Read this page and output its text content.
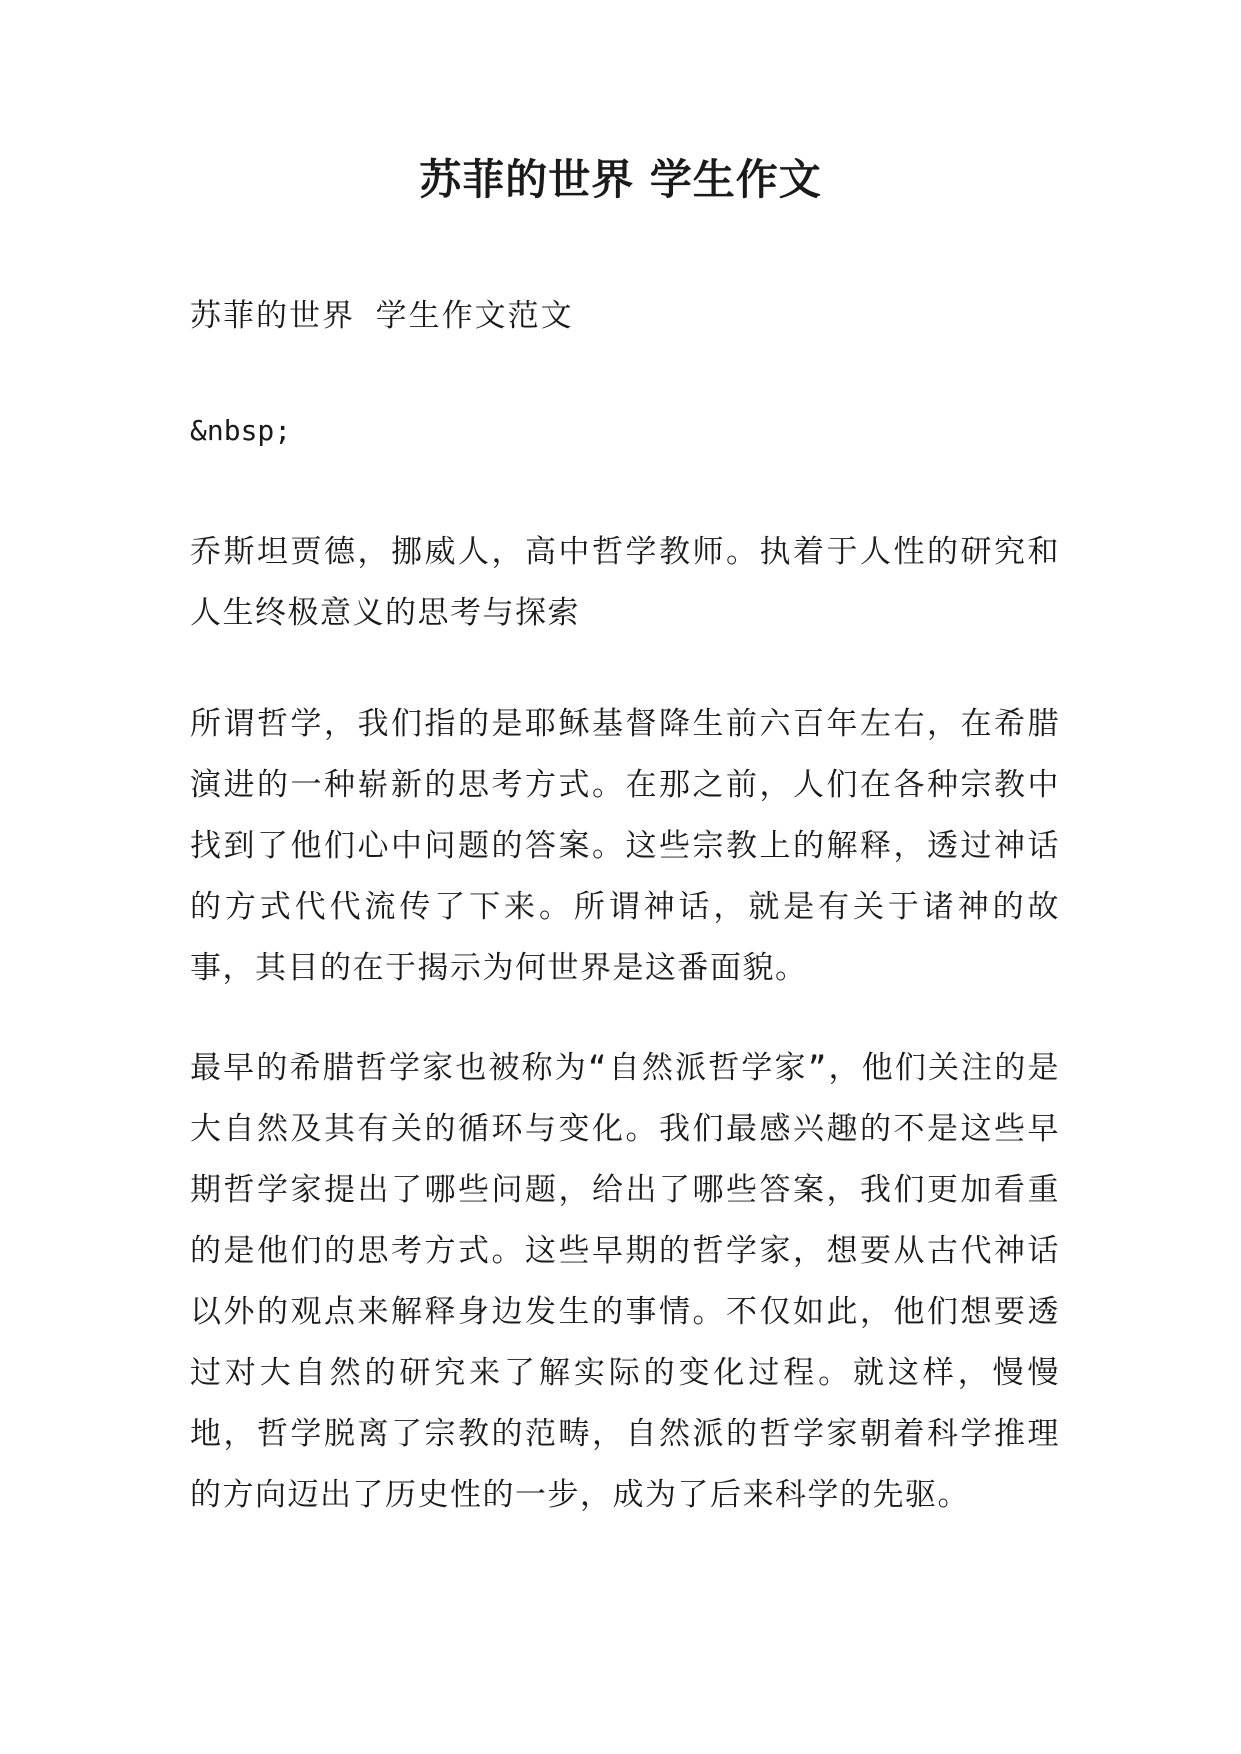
苏菲的世界 学生作文
苏菲的世界 学生作文范文
&nbsp;
乔斯坦贾德，挪威人，高中哲学教师。执着于人性的研究和人生终极意义的思考与探索
所谓哲学，我们指的是耶稣基督降生前六百年左右，在希腊演进的一种崭新的思考方式。在那之前，人们在各种宗教中找到了他们心中问题的答案。这些宗教上的解释，透过神话的方式代代流传了下来。所谓神话，就是有关于诸神的故事，其目的在于揭示为何世界是这番面貌。
最早的希腊哲学家也被称为“自然派哲学家”，他们关注的是大自然及其有关的循环与变化。我们最感兴趣的不是这些早期哲学家提出了哪些问题，给出了哪些答案，我们更加看重的是他们的思考方式。这些早期的哲学家，想要从古代神话以外的观点来解释身边发生的事情。不仅如此，他们想要透过对大自然的研究来了解实际的变化过程。就这样，慢慢地，哲学脱离了宗教的范畴，自然派的哲学家朝着科学推理的方向迈出了历史性的一步，成为了后来科学的先驱。
